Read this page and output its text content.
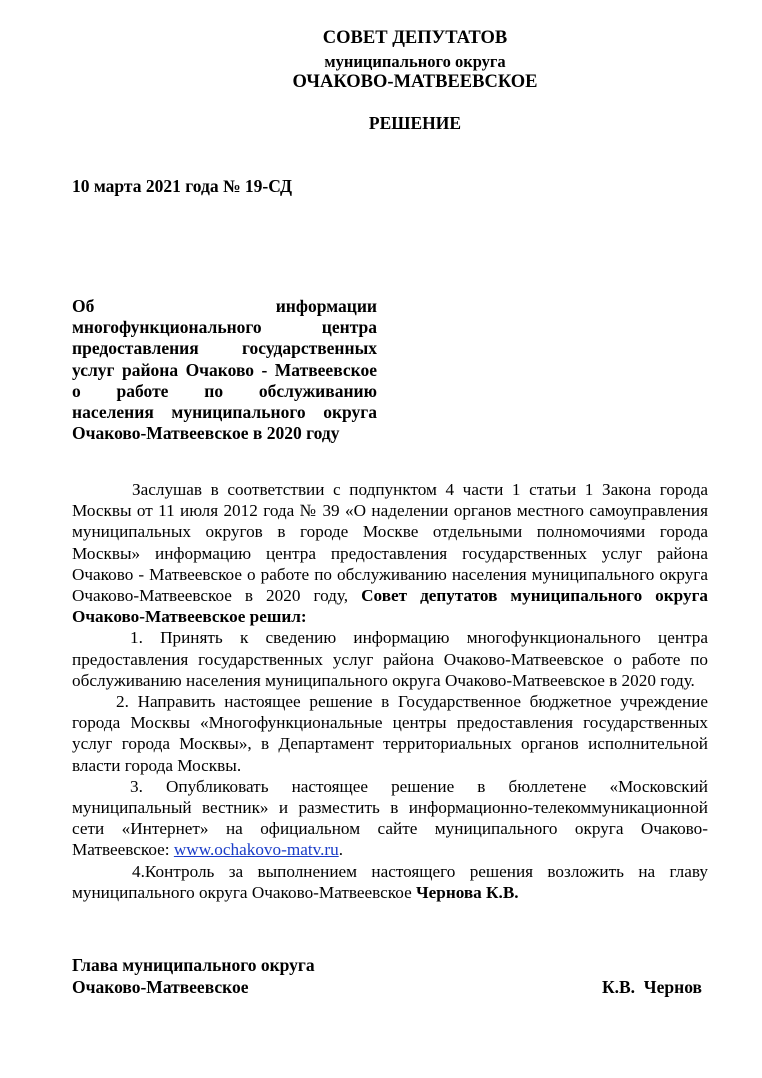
СОВЕТ ДЕПУТАТОВ
муниципального округа
ОЧАКОВО-МАТВЕЕВСКОЕ
РЕШЕНИЕ
10 марта 2021 года № 19-СД
Об информации
многофункционального центра
предоставления государственных
услуг района Очаково - Матвеевское
о работе по обслуживанию
населения муниципального округа
Очаково-Матвеевское в 2020 году

Заслушав в соответствии с подпунктом 4 части 1 статьи 1 Закона города Москвы от 11 июля 2012 года № 39 «О наделении органов местного самоуправления муниципальных округов в городе Москве отдельными полномочиями города Москвы» информацию центра предоставления государственных услуг района Очаково - Матвеевское о работе по обслуживанию населения муниципального округа Очаково-Матвеевское в 2020 году, Совет депутатов муниципального округа Очаково-Матвеевское решил:

1. Принять к сведению информацию многофункционального центра предоставления государственных услуг района Очаково-Матвеевское о работе по обслуживанию населения муниципального округа Очаково-Матвеевское в 2020 году.

2. Направить настоящее решение в Государственное бюджетное учреждение города Москвы «Многофункциональные центры предоставления государственных услуг города Москвы», в Департамент территориальных органов исполнительной власти города Москвы.

3. Опубликовать настоящее решение в бюллетене «Московский муниципальный вестник» и разместить в информационно-телекоммуникационной сети «Интернет» на официальном сайте муниципального округа Очаково-Матвеевское: www.ochakovo-matv.ru.

4.Контроль за выполнением настоящего решения возложить на главу муниципального округа Очаково-Матвеевское Чернова К.В.

Глава муниципального округа
Очаково-Матвеевское	К.В.  Чернов
